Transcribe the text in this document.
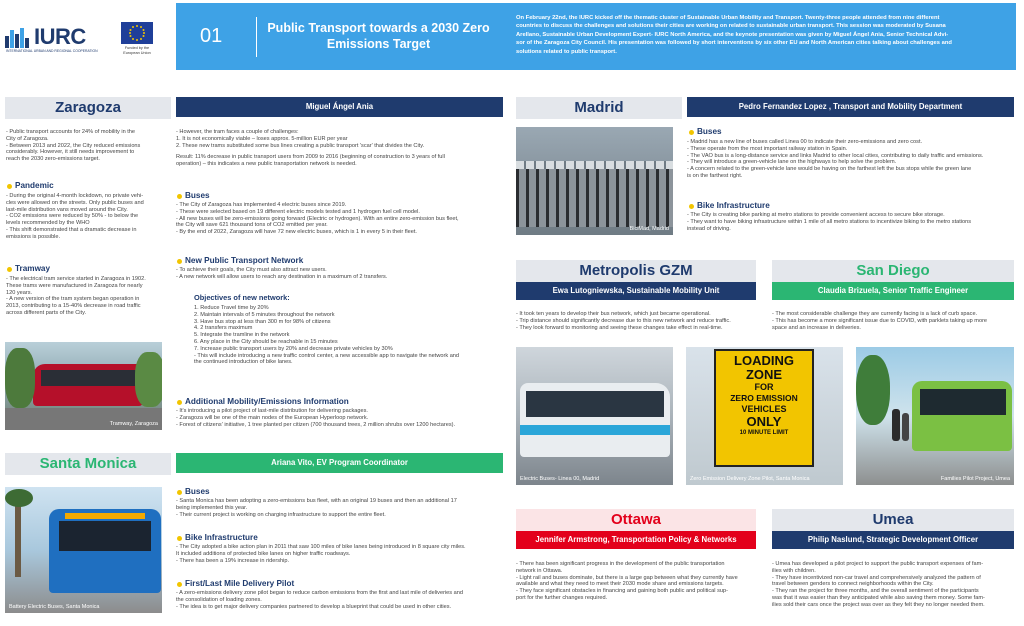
IURC
INTERNATIONAL URBAN AND REGIONAL COOPERATION
Funded by the European Union
01	Public Transport towards a 2030 Zero Emissions Target
On February 22nd, the IURC kicked off the thematic cluster of Sustainable Urban Mobility and Transport. Twenty-three people attended from nine different
countries to discuss the challenges and solutions their cities are working on related to sustainable urban transport. This session was moderated by Susana
Arellano, Sustainable Urban Development Expert- IURC North America, and the keynote presentation was given by Miguel Ángel Ania, Senior Technical Advi-
sor of the Zaragoza City Council. His presentation was followed by short interventions by six other EU and North American cities talking about challenges and
solutions related to public transport.
Zaragoza	Miguel Ángel Ania
- Public transport accounts for 24% of mobility in the
City of Zaragoza.
- Between 2013 and 2022, the City reduced emissions
considerably. However, it still needs improvement to
reach the 2030 zero-emissions target.
Pandemic
- During the original 4-month lockdown, no private vehi-
cles were allowed on the streets. Only public buses and
last-mile distribution vans moved around the City.
- CO2 emissions were reduced by 50% - to below the
levels recommended by the WHO
- This shift demonstrated that a dramatic decrease in
emissions is possible.
Tramway
- The electrical tram service started in Zaragoza in 1902.
These trams were manufactured in Zaragoza for nearly
120 years.
- A new version of the tram system began operation in
2013, contributing to a 15-40% decrease in road traffic
across different parts of the City.
Tramway, Zaragoza
- However, the tram faces a couple of challenges:
1. It is not economically viable – loses approx. 5-million EUR per year
2. These new trams substituted some bus lines creating a public transport 'scar' that divides the City.
Result: 11% decrease in public transport users from 2009 to 2016 (beginning of construction to 3 years of full
operation) – this indicates a new public transportation network is needed.
Buses
- The City of Zaragoza has implemented 4 electric buses since 2019.
- These were selected based on 19 different electric models tested and 1 hydrogen fuel cell model.
- All new buses will be zero-emissions going forward (Electric or hydrogen). With an entire zero-emission bus fleet,
the City will save 621 thousand tons of CO2 emitted per year.
- By the end of 2022, Zaragoza will have 72 new electric buses, which is 1 in every 5 in their fleet.
New Public Transport Network
- To achieve their goals, the City must also attract new users.
- A new network will allow users to reach any destination in a maximum of 2 transfers.
Objectives of new network:
1. Reduce Travel time by 20%
2. Maintain intervals of 5 minutes throughout the network
3. Have bus stop at less than 300 m for 98% of citizens
4. 2 transfers maximum
5. Integrate the tramline in the network
6. Any place in the City should be reachable in 15 minutes
7. Increase public transport users by 20% and decrease private vehicles by 30%
- This will include introducing a new traffic control center, a new accessible app to navigate the network and
the continued introduction of bike lanes.
Additional Mobility/Emissions Information
- It's introducing a pilot project of last-mile distribution for delivering packages.
- Zaragoza will be one of the main nodes of the European Hyperloop network.
- Forest of citizens' initiative, 1 tree planted per citizen (700 thousand trees, 2 million shrubs over 1200 hectares).
Santa Monica	Ariana Vito, EV Program Coordinator
Battery Electric Buses, Santa Monica
Buses
- Santa Monica has been adopting a zero-emissions bus fleet, with an original 19 buses and then an additional 17
being implemented this year.
- Their current project is working on charging infrastructure to support the entire fleet.
Bike Infrastructure
- The City adopted a bike action plan in 2011 that saw 100 miles of bike lanes being introduced in 8 square city miles.
It included additions of protected bike lanes on higher traffic roadways.
- There has been a 19% increase in ridership.
First/Last Mile Delivery Pilot
- A zero-emissions delivery zone pilot began to reduce carbon emissions from the first and last mile of deliveries and
the consolidation of loading zones.
- The idea is to get major delivery companies partnered to develop a blueprint that could be used in other cities.
Madrid	Pedro Fernandez Lopez , Transport and Mobility Department
BiciMad, Madrid
Buses
- Madrid has a new line of buses called Linea 00 to indicate their zero-emissions and zero cost.
- These operate from the most important railway station in Spain.
- The VAO bus is a long-distance service and links Madrid to other local cities, contributing to daily traffic and emissions.
- They will introduce a green-vehicle lane on the highways to help solve the problem.
- A concern related to the green-vehicle lane would be having on the farthest left the bus stops while the green lane
is on the farthest right.
Bike Infrastructure
- The City is creating bike parking at metro stations to provide convenient access to secure bike storage.
- They want to have biking infrastructure within 1 mile of all metro stations to incentivize biking to the metro stations
instead of driving.
Metropolis GZM
Ewa Lutogniewska, Sustainable Mobility Unit
- It took ten years to develop their bus network, which just became operational.
- Trip distance should significantly decrease due to this new network and reduce traffic.
- They look forward to monitoring and seeing these changes take effect in real-time.
San Diego
Claudia Brizuela, Senior Traffic Engineer
- The most considerable challenge they are currently facing is a lack of curb space.
- This has become a more significant issue due to COVID, with parklets taking up more
space and an increase in deliveries.
Electric Buses- Linea 00, Madrid
LOADING
ZONE
FOR
ZERO EMISSION
VEHICLES
ONLY
10 MINUTE LIMIT
Zero Emission Delivery Zone Pilot, Santa Monica	Families Pilot Project, Umea
Ottawa
Jennifer Armstrong, Transportation Policy & Networks
- There has been significant progress in the development of the public transportation
network in Ottawa.
- Light rail and buses dominate, but there is a large gap between what they currently have
available and what they need to meet their 2030 mode share and emissions targets.
- They face significant obstacles in financing and gaining both public and political sup-
port for the further changes required.
Umea
Philip Naslund, Strategic Development Officer
- Umea has developed a pilot project to support the public transport expenses of fam-
ilies with children.
- They have incentivized non-car travel and comprehensively analyzed the pattern of
travel between genders to connect neighborhoods within the City.
- They ran the project for three months, and the overall sentiment of the participants
was that it was easier than they anticipated while also saving them money. Some fam-
ilies sold their cars once the project was over as they felt they no longer needed them.
